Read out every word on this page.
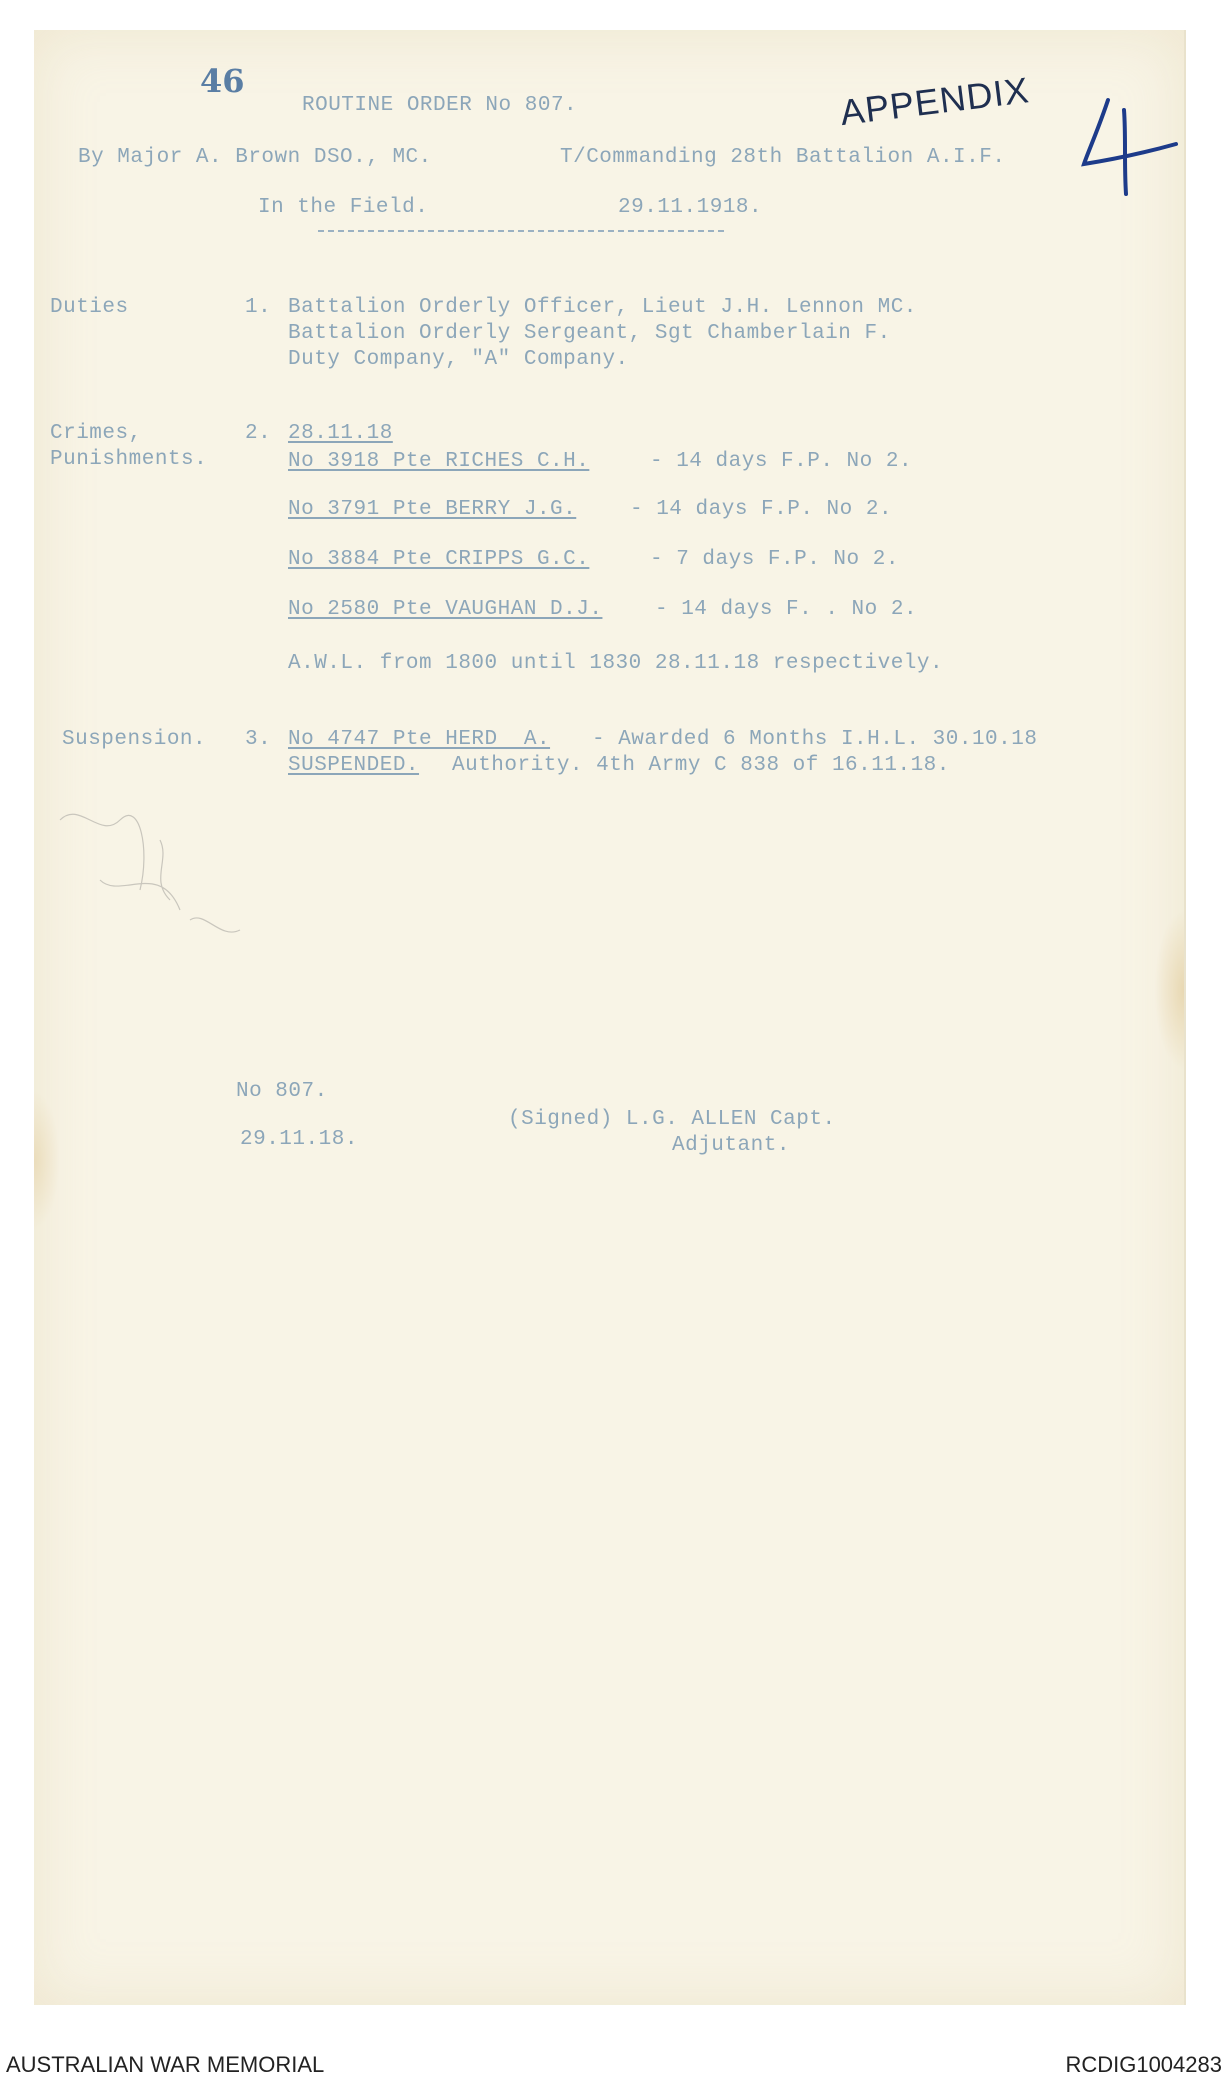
46
ROUTINE ORDER No 807.
By Major A. Brown DSO., MC.	T/Commanding 28th Battalion A.I.F.
In the Field.	29.11.1918.
APPENDIX
Duties	1. Battalion Orderly Officer, Lieut J.H. Lennon MC.
Battalion Orderly Sergeant, Sgt Chamberlain F.
Duty Company, "A" Company.
Crimes,
Punishments.
2. 28.11.18
No 3918 Pte RICHES C.H.	- 14 days F.P. No 2.
No 3791 Pte BERRY J.G.	- 14 days F.P. No 2.
No 3884 Pte CRIPPS G.C.	- 7 days F.P. No 2.
No 2580 Pte VAUGHAN D.J.	- 14 days F. . No 2.
A.W.L. from 1800 until 1830 28.11.18 respectively.
Suspension. 3. No 4747 Pte HERD  A. - Awarded 6 Months I.H.L. 30.10.18
SUSPENDED. Authority. 4th Army C 838 of 16.11.18.
No 807.
29.11.18.
(Signed) L.G. ALLEN Capt.
Adjutant.
AUSTRALIAN WAR MEMORIAL	RCDIG1004283
